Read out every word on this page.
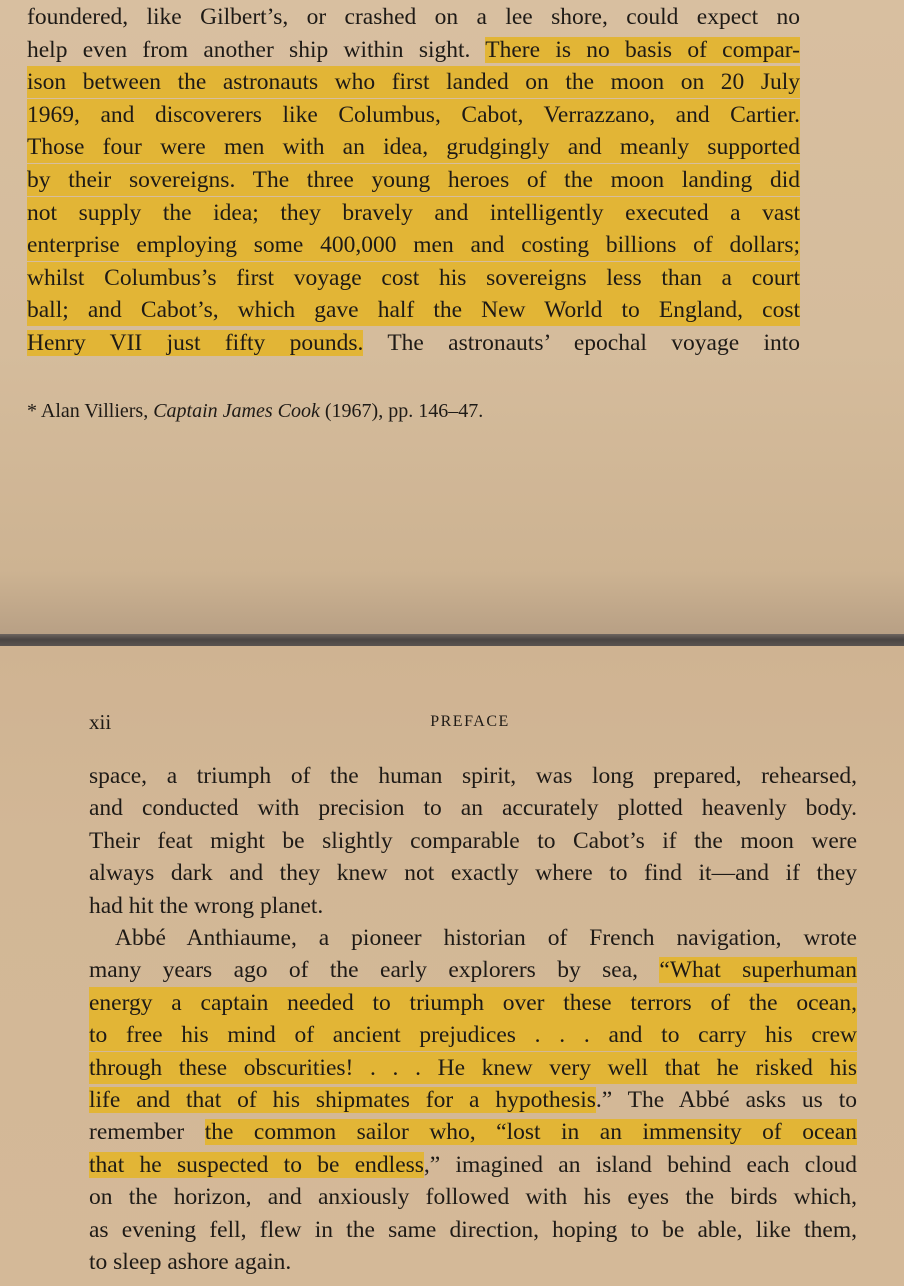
foundered, like Gilbert’s, or crashed on a lee shore, could expect no
help even from another ship within sight. There is no basis of compar-
ison between the astronauts who first landed on the moon on 20 July
1969, and discoverers like Columbus, Cabot, Verrazzano, and Cartier.
Those four were men with an idea, grudgingly and meanly supported
by their sovereigns. The three young heroes of the moon landing did
not supply the idea; they bravely and intelligently executed a vast
enterprise employing some 400,000 men and costing billions of dollars;
whilst Columbus’s first voyage cost his sovereigns less than a court
ball; and Cabot’s, which gave half the New World to England, cost
Henry VII just fifty pounds. The astronauts’ epochal voyage into
* Alan Villiers, Captain James Cook (1967), pp. 146–47.
xii	PREFACE
space, a triumph of the human spirit, was long prepared, rehearsed,
and conducted with precision to an accurately plotted heavenly body.
Their feat might be slightly comparable to Cabot’s if the moon were
always dark and they knew not exactly where to find it—and if they
had hit the wrong planet.
Abbé Anthiaume, a pioneer historian of French navigation, wrote
many years ago of the early explorers by sea, “What superhuman
energy a captain needed to triumph over these terrors of the ocean,
to free his mind of ancient prejudices . . . and to carry his crew
through these obscurities! . . . He knew very well that he risked his
life and that of his shipmates for a hypothesis.” The Abbé asks us to
remember the common sailor who, “lost in an immensity of ocean
that he suspected to be endless,” imagined an island behind each cloud
on the horizon, and anxiously followed with his eyes the birds which,
as evening fell, flew in the same direction, hoping to be able, like them,
to sleep ashore again.
